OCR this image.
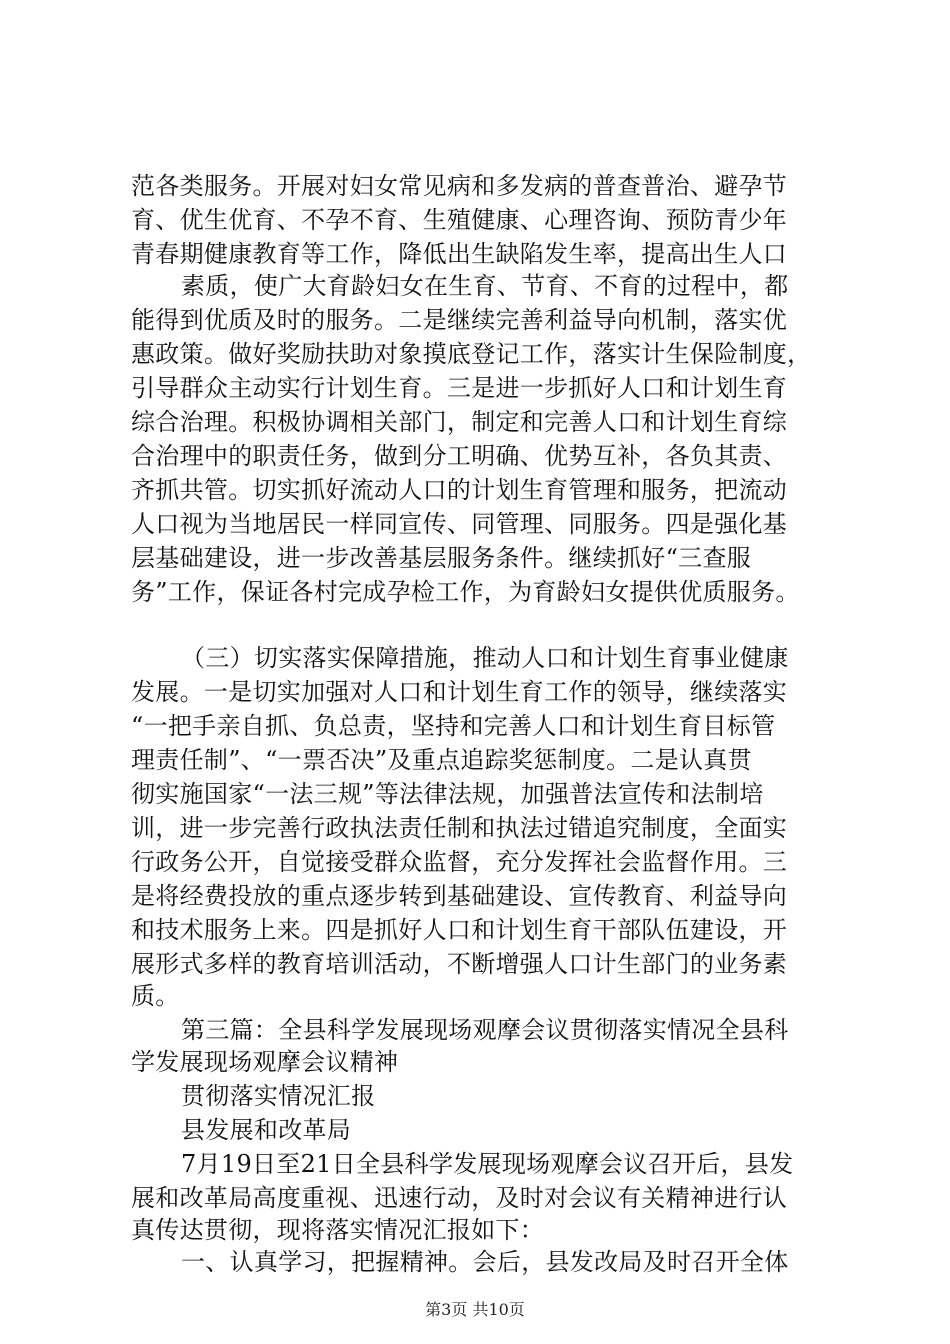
范各类服务。开展对妇女常见病和多发病的普查普治、避孕节
育、优生优育、不孕不育、生殖健康、心理咨询、预防青少年
青春期健康教育等工作，降低出生缺陷发生率，提高出生人口
素质，使广大育龄妇女在生育、节育、不育的过程中，都
能得到优质及时的服务。二是继续完善利益导向机制，落实优
惠政策。做好奖励扶助对象摸底登记工作，落实计生保险制度，
引导群众主动实行计划生育。三是进一步抓好人口和计划生育
综合治理。积极协调相关部门，制定和完善人口和计划生育综
合治理中的职责任务，做到分工明确、优势互补，各负其责、
齐抓共管。切实抓好流动人口的计划生育管理和服务，把流动
人口视为当地居民一样同宣传、同管理、同服务。四是强化基
层基础建设，进一步改善基层服务条件。继续抓好“三查服
务”工作，保证各村完成孕检工作，为育龄妇女提供优质服务。
（三）切实落实保障措施，推动人口和计划生育事业健康
发展。一是切实加强对人口和计划生育工作的领导，继续落实
“一把手亲自抓、负总责，坚持和完善人口和计划生育目标管
理责任制”、“一票否决”及重点追踪奖惩制度。二是认真贯
彻实施国家“一法三规”等法律法规，加强普法宣传和法制培
训，进一步完善行政执法责任制和执法过错追究制度，全面实
行政务公开，自觉接受群众监督，充分发挥社会监督作用。三
是将经费投放的重点逐步转到基础建设、宣传教育、利益导向
和技术服务上来。四是抓好人口和计划生育干部队伍建设，开
展形式多样的教育培训活动，不断增强人口计生部门的业务素
质。
第三篇：全县科学发展现场观摩会议贯彻落实情况全县科
学发展现场观摩会议精神
贯彻落实情况汇报
县发展和改革局
7月19日至21日全县科学发展现场观摩会议召开后，县发
展和改革局高度重视、迅速行动，及时对会议有关精神进行认
真传达贯彻，现将落实情况汇报如下：
一、认真学习，把握精神。会后，县发改局及时召开全体
第3页 共10页
